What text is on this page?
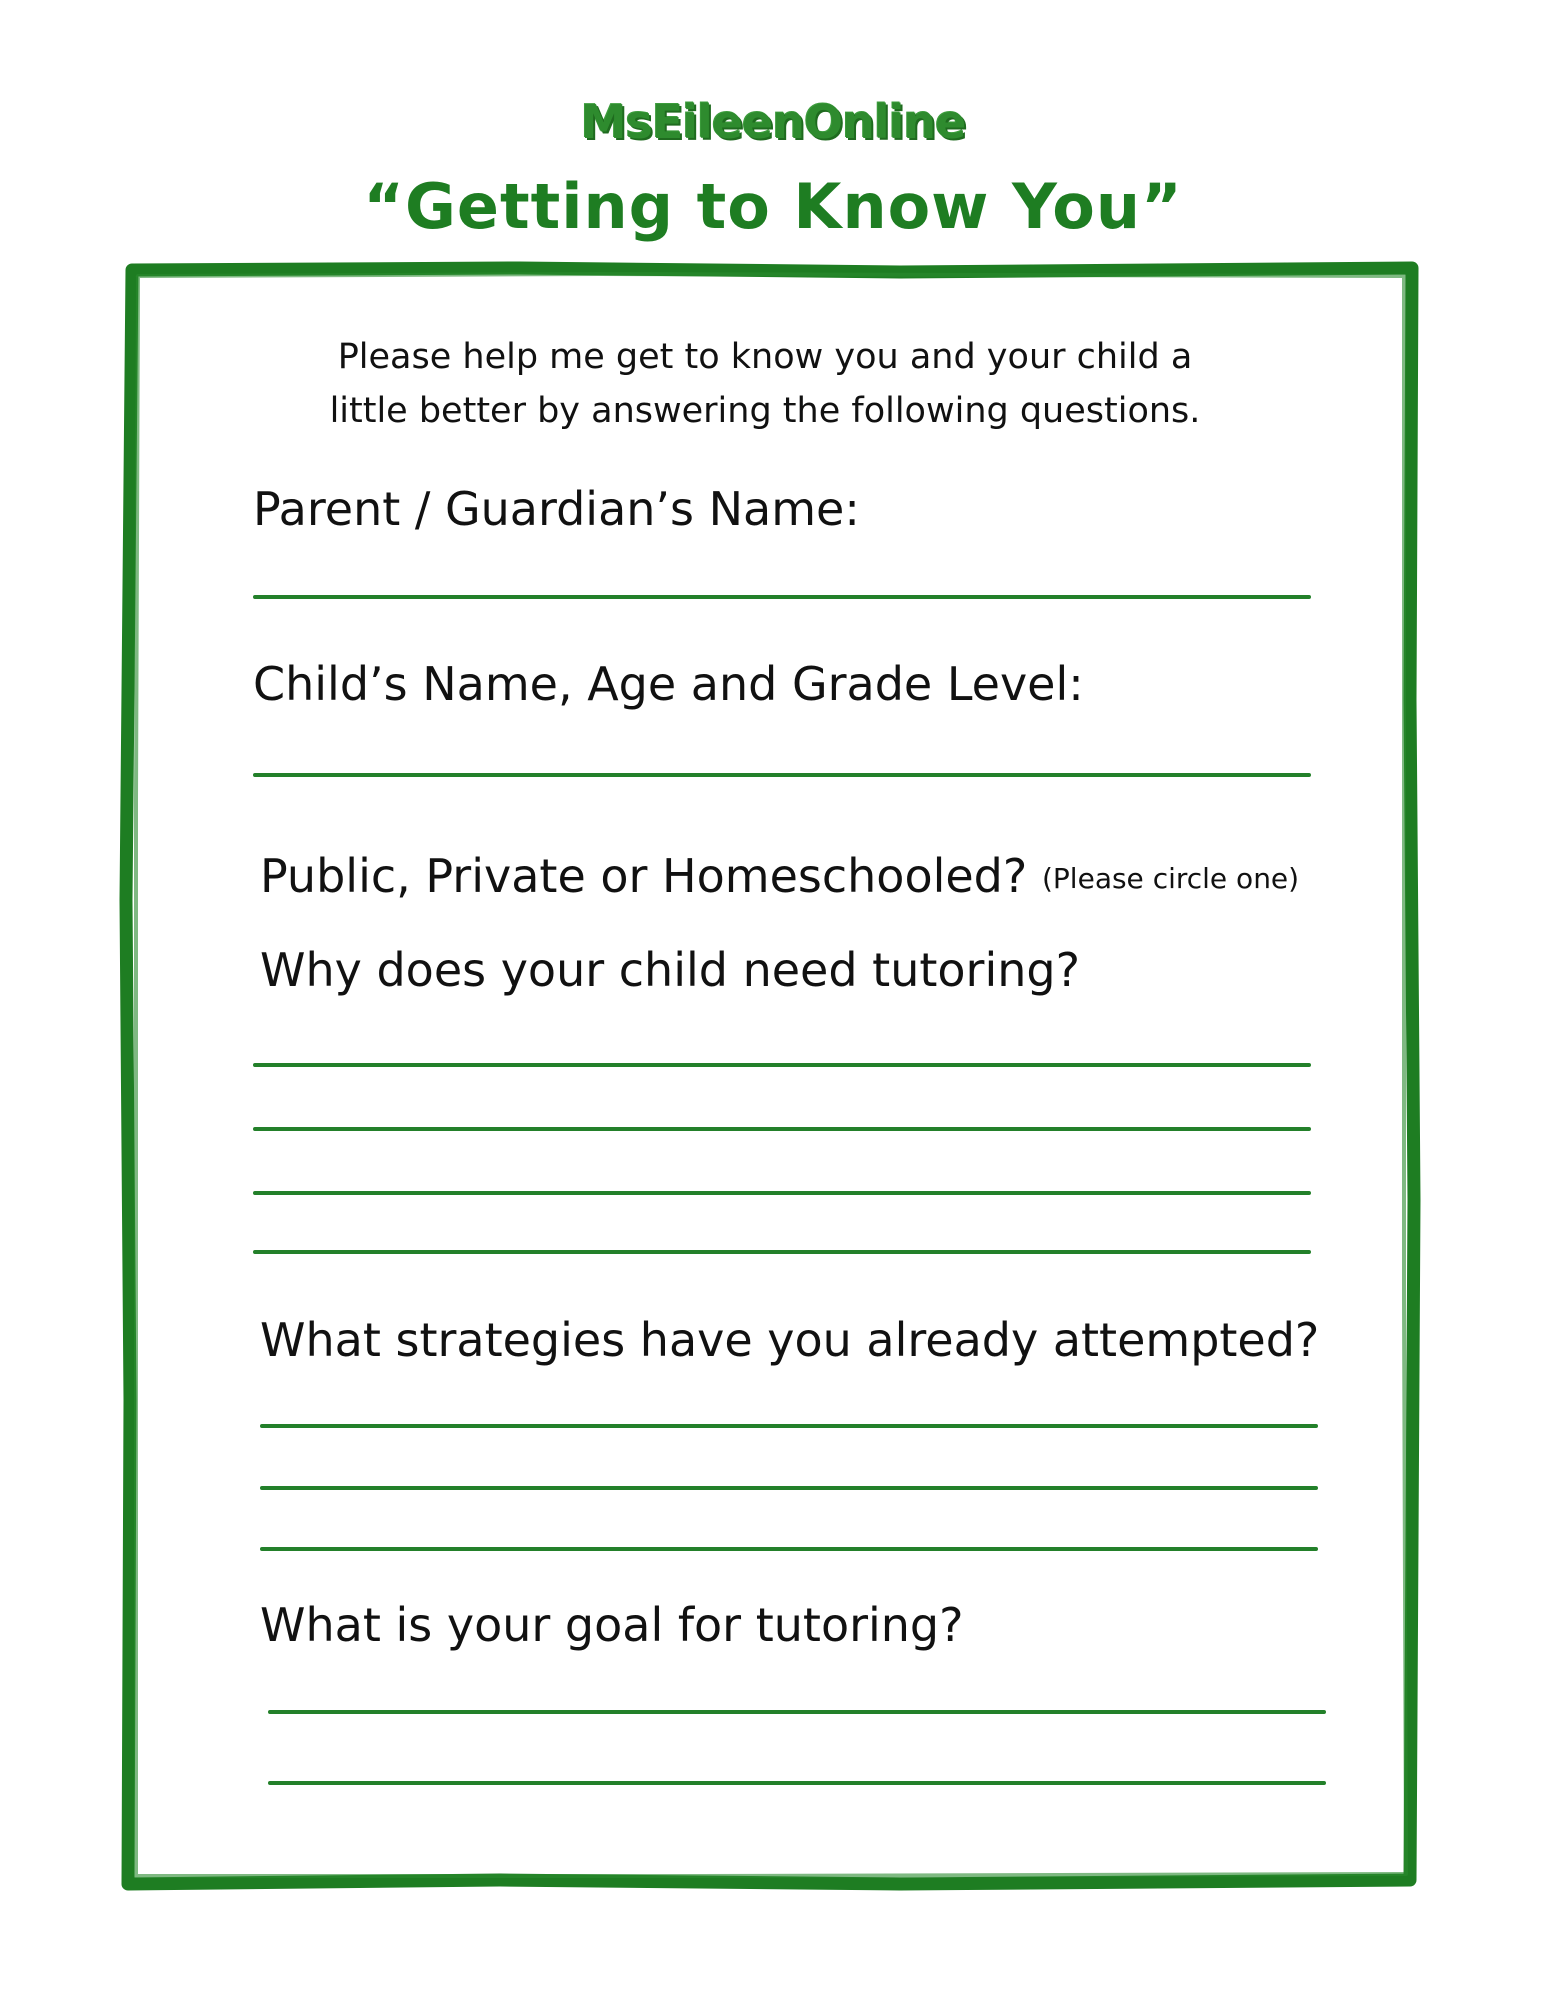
MsEileenOnline
“Getting to Know You”
Please help me get to know you and your child a
little better by answering the following questions.
Parent / Guardian’s Name:
Child’s Name, Age and Grade Level:
Public, Private or Homeschooled? (Please circle one)
Why does your child need tutoring?
What strategies have you already attempted?
What is your goal for tutoring?
